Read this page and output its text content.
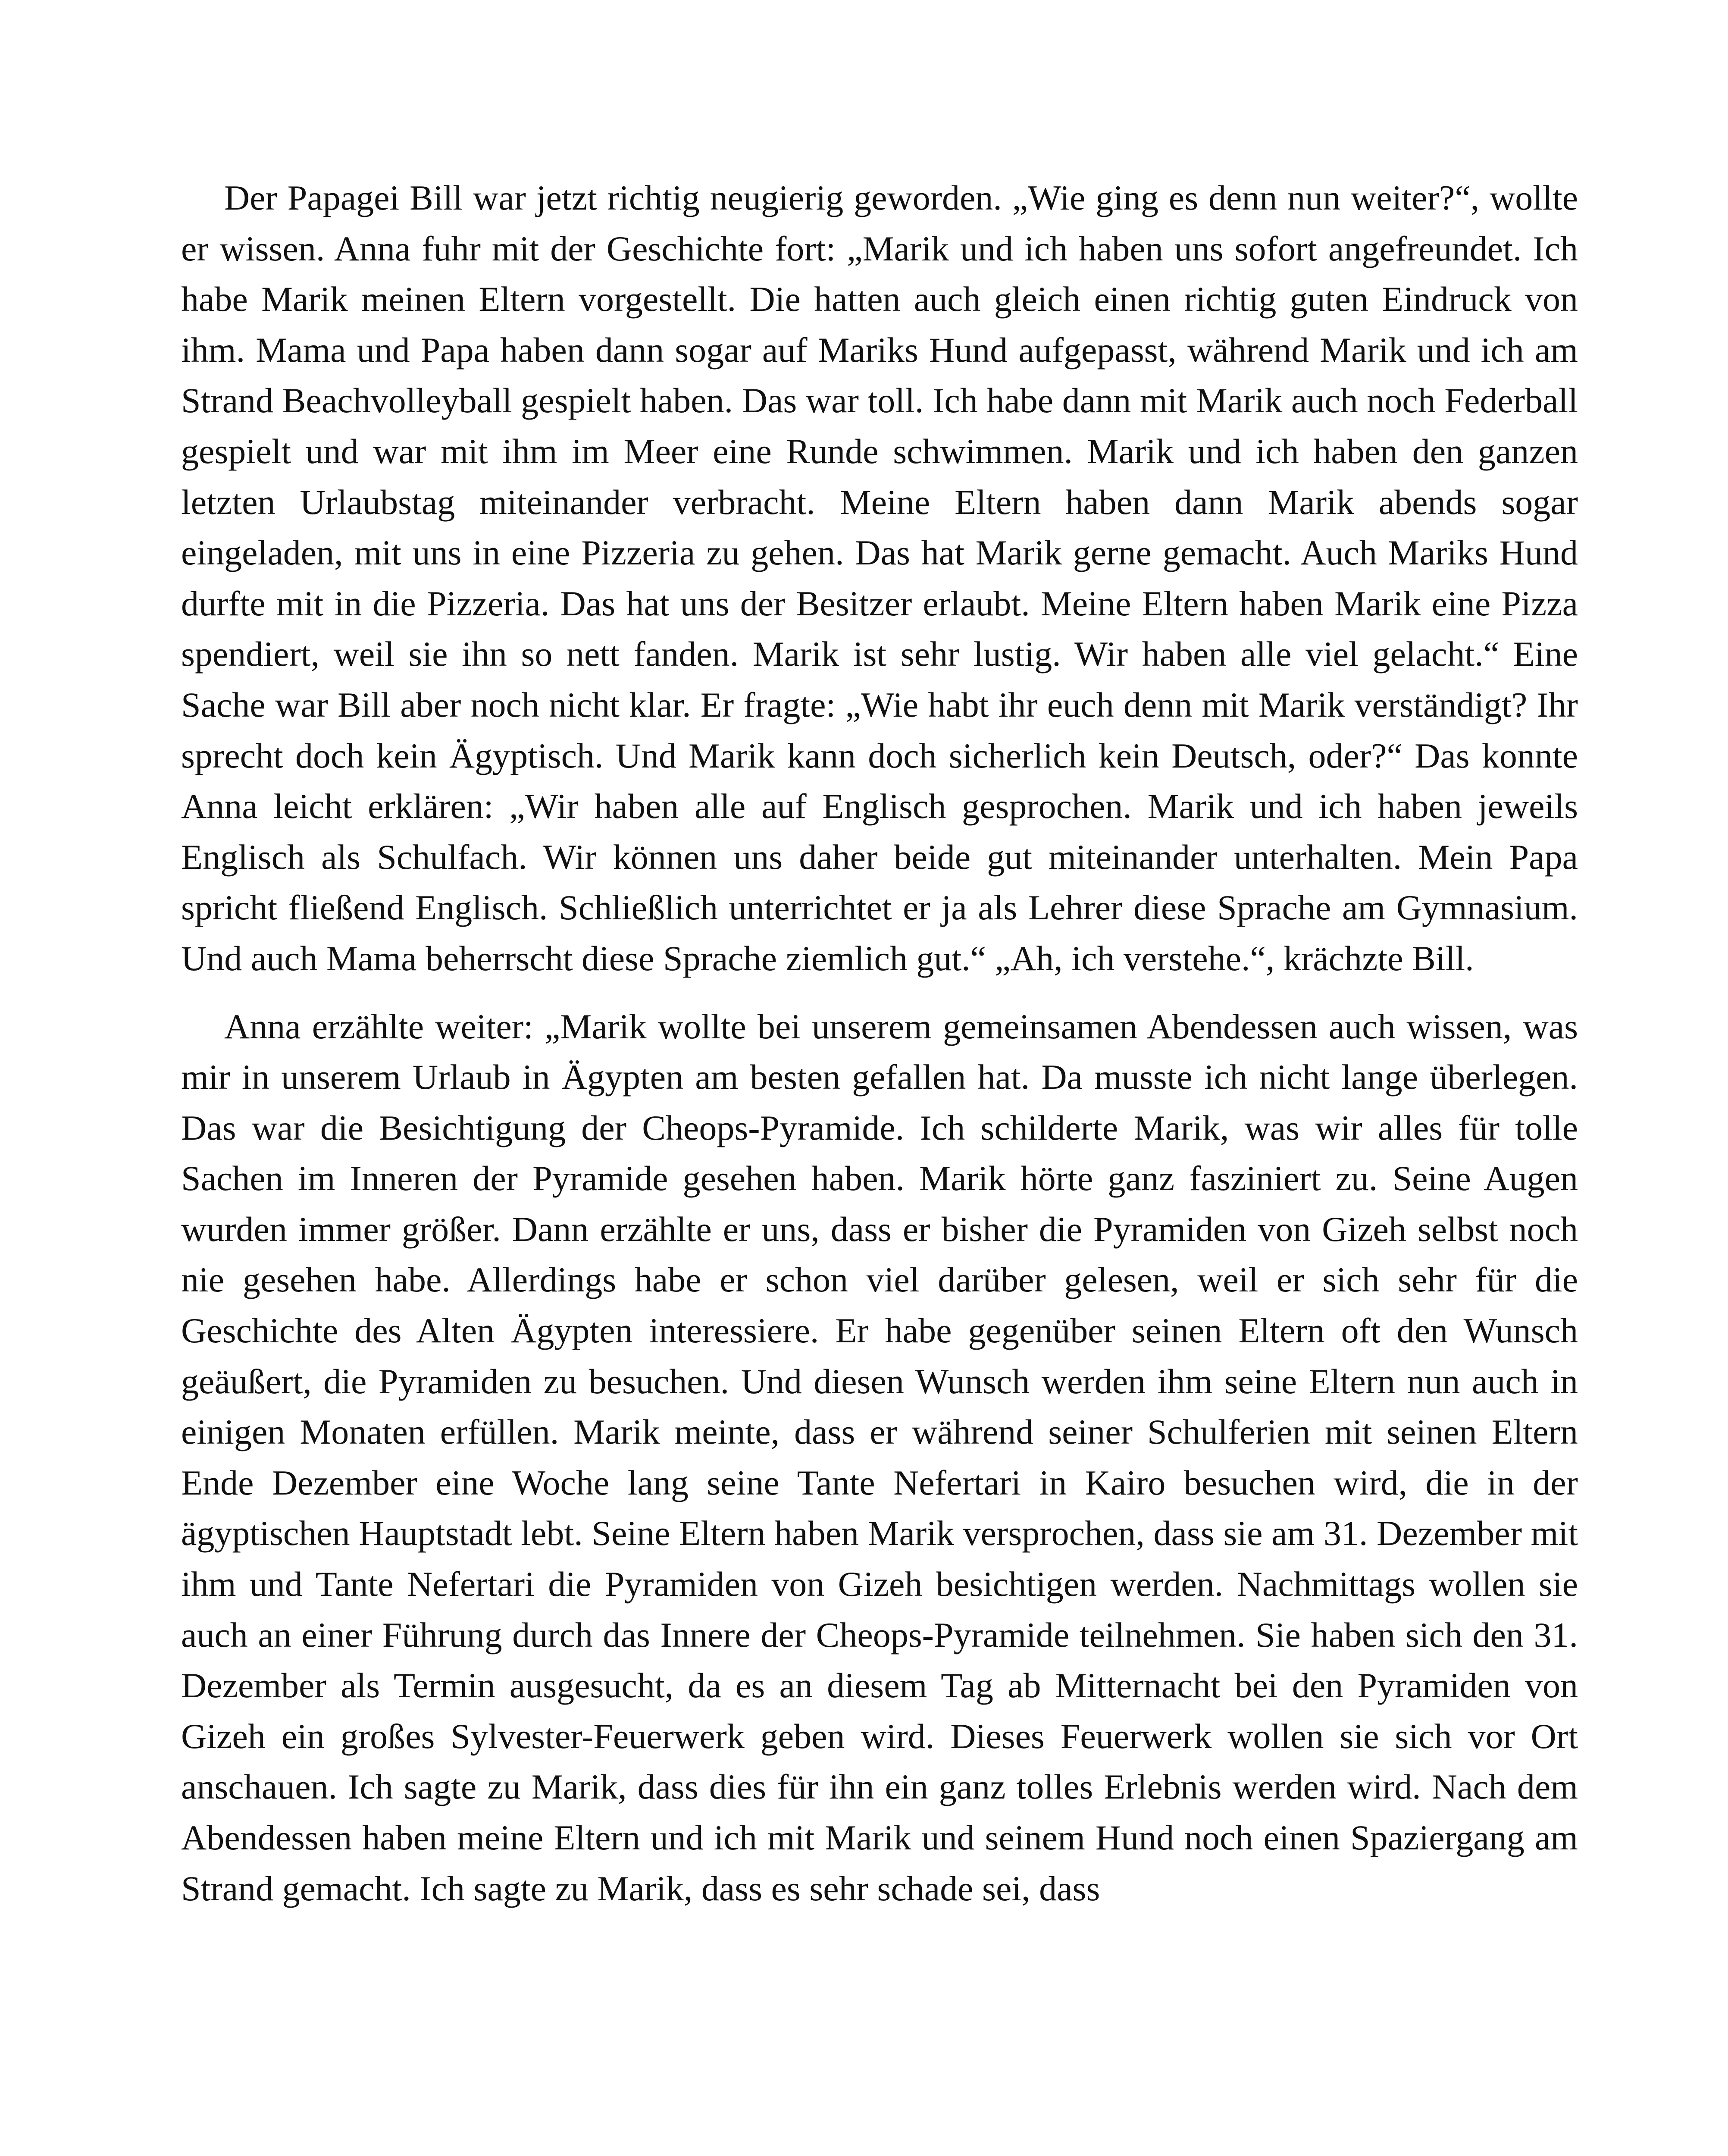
Der Papagei Bill war jetzt richtig neugierig geworden. „Wie ging es denn nun weiter?“, wollte er wissen. Anna fuhr mit der Geschichte fort: „Marik und ich haben uns sofort angefreundet. Ich habe Marik meinen Eltern vorgestellt. Die hatten auch gleich einen richtig guten Eindruck von ihm. Mama und Papa haben dann sogar auf Mariks Hund aufgepasst, während Marik und ich am Strand Beachvolleyball gespielt haben. Das war toll. Ich habe dann mit Marik auch noch Federball gespielt und war mit ihm im Meer eine Runde schwimmen. Marik und ich haben den ganzen letzten Urlaubstag miteinander verbracht. Meine Eltern haben dann Marik abends sogar eingeladen, mit uns in eine Pizzeria zu gehen. Das hat Marik gerne gemacht. Auch Mariks Hund durfte mit in die Pizzeria. Das hat uns der Besitzer erlaubt. Meine Eltern haben Marik eine Pizza spendiert, weil sie ihn so nett fanden. Marik ist sehr lustig. Wir haben alle viel gelacht.“ Eine Sache war Bill aber noch nicht klar. Er fragte: „Wie habt ihr euch denn mit Marik verständigt? Ihr sprecht doch kein Ägyptisch. Und Marik kann doch sicherlich kein Deutsch, oder?“ Das konnte Anna leicht erklären: „Wir haben alle auf Englisch gesprochen. Marik und ich haben jeweils Englisch als Schulfach. Wir können uns daher beide gut miteinander unterhalten. Mein Papa spricht fließend Englisch. Schließlich unterrichtet er ja als Lehrer diese Sprache am Gymnasium. Und auch Mama beherrscht diese Sprache ziemlich gut.“ „Ah, ich verstehe.“, krächzte Bill.

Anna erzählte weiter: „Marik wollte bei unserem gemeinsamen Abendessen auch wissen, was mir in unserem Urlaub in Ägypten am besten gefallen hat. Da musste ich nicht lange überlegen. Das war die Besichtigung der Cheops-Pyramide. Ich schilderte Marik, was wir alles für tolle Sachen im Inneren der Pyramide gesehen haben. Marik hörte ganz fasziniert zu. Seine Augen wurden immer größer. Dann erzählte er uns, dass er bisher die Pyramiden von Gizeh selbst noch nie gesehen habe. Allerdings habe er schon viel darüber gelesen, weil er sich sehr für die Geschichte des Alten Ägypten interessiere. Er habe gegenüber seinen Eltern oft den Wunsch geäußert, die Pyramiden zu besuchen. Und diesen Wunsch werden ihm seine Eltern nun auch in einigen Monaten erfüllen. Marik meinte, dass er während seiner Schulferien mit seinen Eltern Ende Dezember eine Woche lang seine Tante Nefertari in Kairo besuchen wird, die in der ägyptischen Hauptstadt lebt. Seine Eltern haben Marik versprochen, dass sie am 31. Dezember mit ihm und Tante Nefertari die Pyramiden von Gizeh besichtigen werden. Nachmittags wollen sie auch an einer Führung durch das Innere der Cheops-Pyramide teilnehmen. Sie haben sich den 31. Dezember als Termin ausgesucht, da es an diesem Tag ab Mitternacht bei den Pyramiden von Gizeh ein großes Sylvester-Feuerwerk geben wird. Dieses Feuerwerk wollen sie sich vor Ort anschauen. Ich sagte zu Marik, dass dies für ihn ein ganz tolles Erlebnis werden wird. Nach dem Abendessen haben meine Eltern und ich mit Marik und seinem Hund noch einen Spaziergang am Strand gemacht. Ich sagte zu Marik, dass es sehr schade sei, dass
